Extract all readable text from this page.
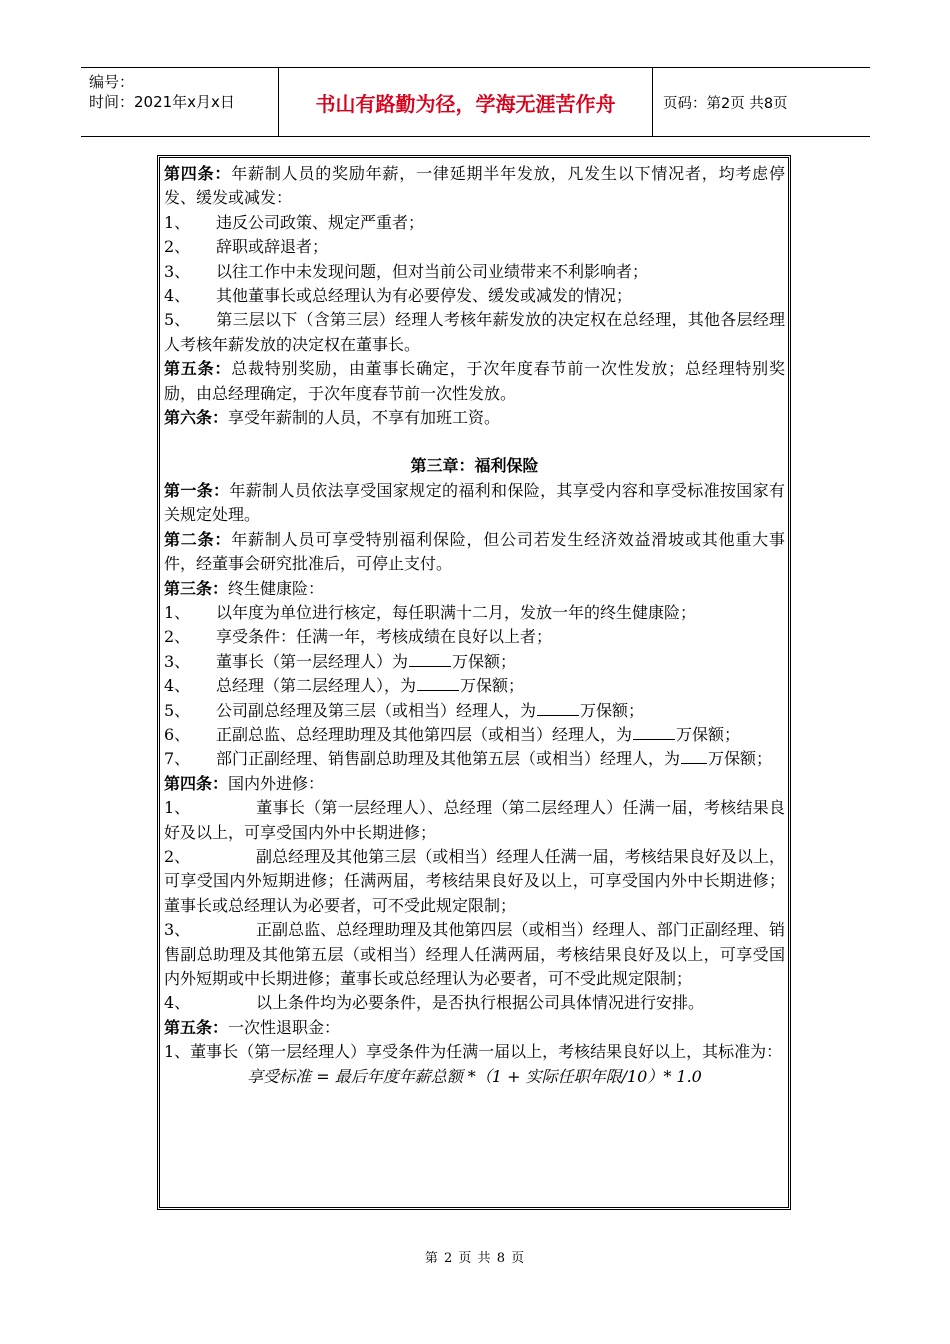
编号：
时间：2021年x月x日	书山有路勤为径，学海无涯苦作舟	页码：第2页 共8页

第四条：年薪制人员的奖励年薪，一律延期半年发放，凡发生以下情况者，均考虑停发、缓发或减发：

1、 违反公司政策、规定严重者；

2、 辞职或辞退者；

3、 以往工作中未发现问题，但对当前公司业绩带来不利影响者；

4、 其他董事长或总经理认为有必要停发、缓发或减发的情况；

5、 第三层以下（含第三层）经理人考核年薪发放的决定权在总经理，其他各层经理人考核年薪发放的决定权在董事长。

第五条：总裁特别奖励，由董事长确定，于次年度春节前一次性发放；总经理特别奖励，由总经理确定，于次年度春节前一次性发放。

第六条：享受年薪制的人员，不享有加班工资。

第三章：福利保险

第一条：年薪制人员依法享受国家规定的福利和保险，其享受内容和享受标准按国家有关规定处理。

第二条：年薪制人员可享受特别福利保险，但公司若发生经济效益滑坡或其他重大事件，经董事会研究批准后，可停止支付。

第三条：终生健康险：

1、 以年度为单位进行核定，每任职满十二月，发放一年的终生健康险；

2、 享受条件：任满一年，考核成绩在良好以上者；

3、 董事长（第一层经理人）为	万保额；

4、 总经理（第二层经理人），为	万保额；

5、 公司副总经理及第三层（或相当）经理人，为	万保额；

6、 正副总监、总经理助理及其他第四层（或相当）经理人，为	万保额；

7、 部门正副经理、销售副总助理及其他第五层（或相当）经理人，为 万保额；

第四条：国内外进修：

1、	董事长（第一层经理人）、总经理（第二层经理人）任满一届，考核结果良好及以上，可享受国内外中长期进修；

2、	副总经理及其他第三层（或相当）经理人任满一届，考核结果良好及以上，可享受国内外短期进修；任满两届，考核结果良好及以上，可享受国内外中长期进修；董事长或总经理认为必要者，可不受此规定限制；

3、	正副总监、总经理助理及其他第四层（或相当）经理人、部门正副经理、销售副总助理及其他第五层（或相当）经理人任满两届，考核结果良好及以上，可享受国内外短期或中长期进修；董事长或总经理认为必要者，可不受此规定限制；

4、	以上条件均为必要条件，是否执行根据公司具体情况进行安排。

第五条：一次性退职金：

1、董事长（第一层经理人）享受条件为任满一届以上，考核结果良好以上，其标准为：

享受标准 = 最后年度年薪总额 *（1 + 实际任职年限/10）* 1.0

第 2 页 共 8 页
